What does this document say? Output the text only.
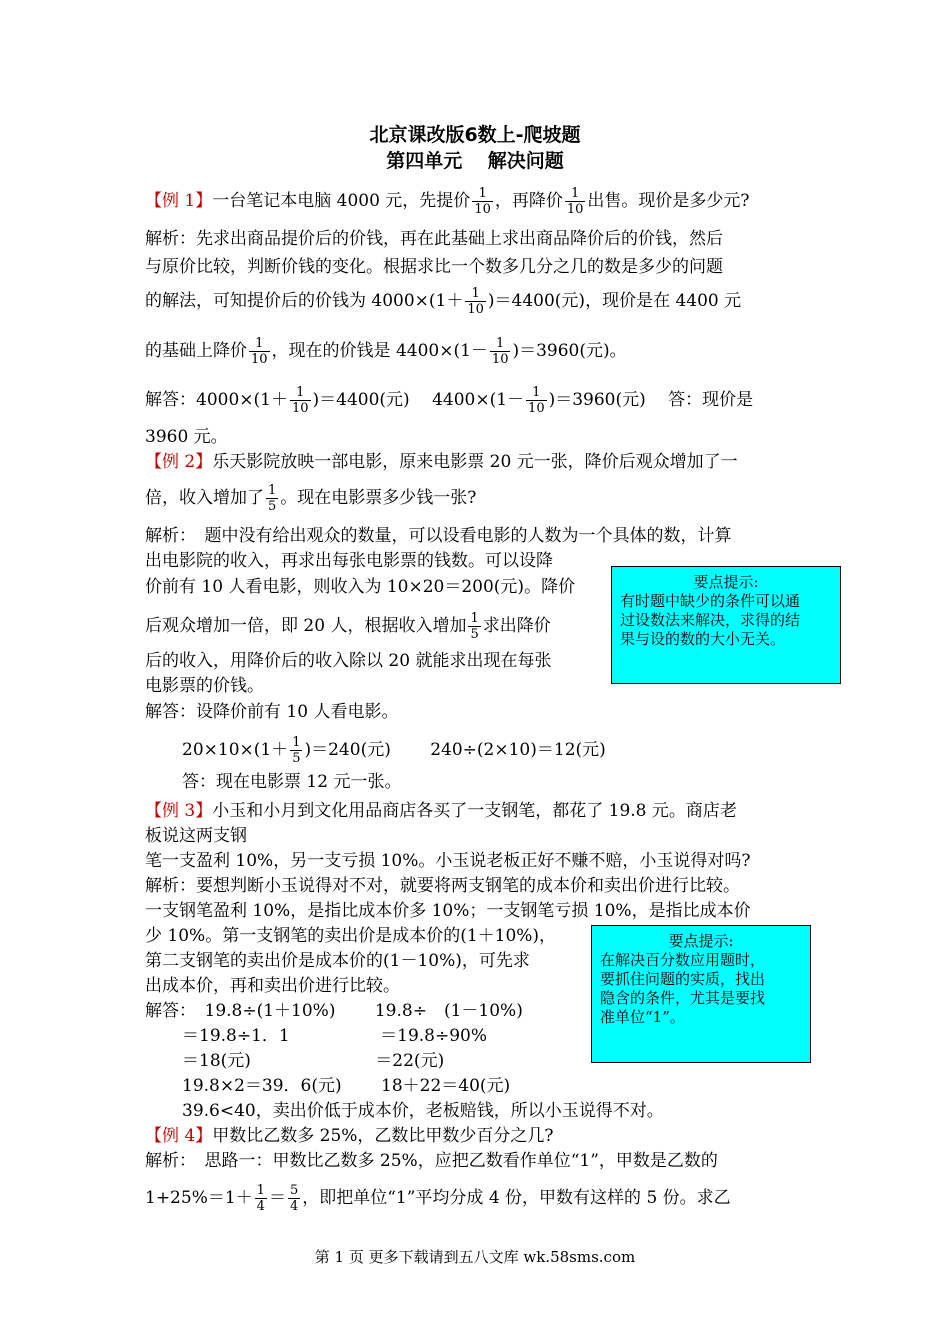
北京课改版6数上-爬坡题
第四单元　 解决问题
【例 1】一台笔记本电脑 4000 元，先提价 $\frac{1}{10}$ ，再降价 $\frac{1}{10}$ 出售。现价是多少元?
解析：先求出商品提价后的价钱，再在此基础上求出商品降价后的价钱，然后
与原价比较，判断价钱的变化。根据求比一个数多几分之几的数是多少的问题
的解法，可知提价后的价钱为 $4000\times(1+ \frac{1}{10} )=4400$(元)，现价是在 4400 元
的基础上降价 $\frac{1}{10}$ ，现在的价钱是 $4400\times(1- \frac{1}{10} )=3960$(元)。
解答：$4000\times(1+ \frac{1}{10} )=4400$(元)　 $4400\times(1- \frac{1}{10} )=3960$(元)　 答：现价是
3960 元。
【例 2】乐天影院放映一部电影，原来电影票 20 元一张，降价后观众增加了一
倍，收入增加了 $\frac{1}{5}$ 。现在电影票多少钱一张?
解析：　题中没有给出观众的数量，可以设看电影的人数为一个具体的数，计算
出电影院的收入，再求出每张电影票的钱数。可以设降
价前有 10 人看电影，则收入为 10×20＝200(元)。降价
后观众增加一倍，即 20 人，根据收入增加 $\frac{1}{5}$ 求出降价
后的收入，用降价后的收入除以 20 就能求出现在每张
电影票的价钱。
解答：设降价前有 10 人看电影。
$20\times 10\times(1+ \frac{1}{5} )=240$(元)　　 240÷(2×10)＝12(元)
答：现在电影票 12 元一张。
要点提示:
有时题中缺少的条件可以通
过设数法来解决，求得的结
果与设的数的大小无关。
【例 3】小玉和小月到文化用品商店各买了一支钢笔，都花了 19.8 元。商店老
板说这两支钢
笔一支盈利 10%，另一支亏损 10%。小玉说老板正好不赚不赔，小玉说得对吗?
解析：要想判断小玉说得对不对，就要将两支钢笔的成本价和卖出价进行比较。
一支钢笔盈利 10%，是指比成本价多 10%；一支钢笔亏损 10%，是指比成本价
少 10%。第一支钢笔的卖出价是成本价的(1＋10%)，
第二支钢笔的卖出价是成本价的(1－10%)，可先求
出成本价，再和卖出价进行比较。
解答：　19.8÷(1＋10%)　　 19.8÷　(1－10%)
＝19.8÷1．1　　　　　 ＝19.8÷90%
＝18(元)　　　　　　　 ＝22(元)
19.8×2＝39．6(元)　　 18＋22＝40(元)
39.6<40，卖出价低于成本价，老板赔钱，所以小玉说得不对。
要点提示:
在解决百分数应用题时，
要抓住问题的实质，找出
隐含的条件，尤其是要找
准单位“1”。
【例 4】甲数比乙数多 25%，乙数比甲数少百分之几?
解析：　思路一：甲数比乙数多 25%，应把乙数看作单位“1”，甲数是乙数的
$1+25\%=1+ \frac{1}{4} = \frac{5}{4}$ ，即把单位“1”平均分成 4 份，甲数有这样的 5 份。求乙
第 1 页 更多下载请到五八文库 wk.58sms.com
